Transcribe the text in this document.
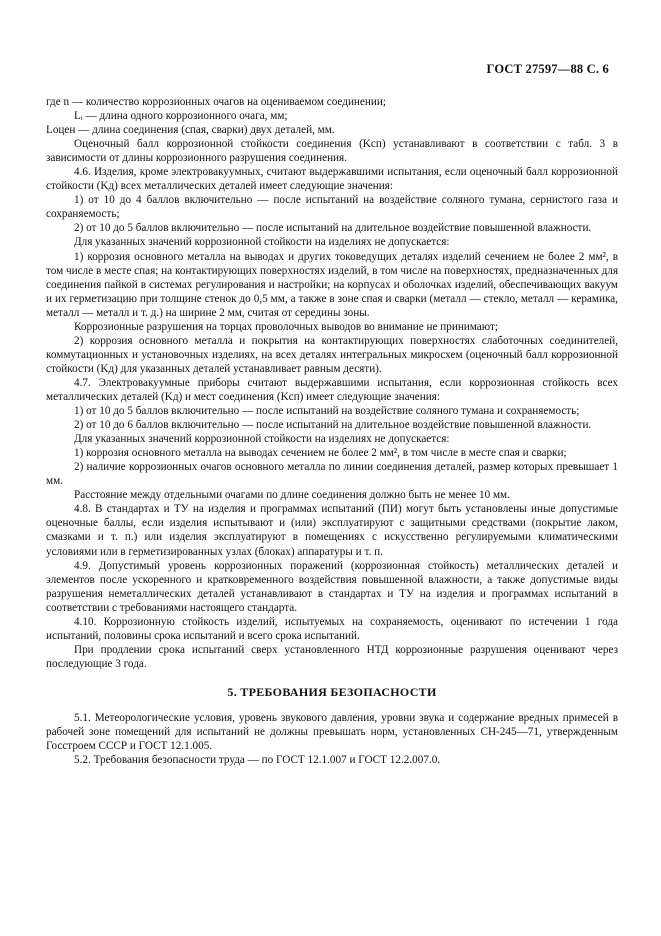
ГОСТ 27597—88 С. 6

где n — количество коррозионных очагов на оцениваемом соединении;

Lᵢ — длина одного коррозионного очага, мм;

Lоцен — длина соединения (спая, сварки) двух деталей, мм.

Оценочный балл коррозионной стойкости соединения (Kсп) устанавливают в соответствии с табл. 3 в зависимости от длины коррозионного разрушения соединения.

4.6. Изделия, кроме электровакуумных, считают выдержавшими испытания, если оценочный балл коррозионной стойкости (Kд) всех металлических деталей имеет следующие значения:

1) от 10 до 4 баллов включительно — после испытаний на воздействие соляного тумана, сернистого газа и сохраняемость;

2) от 10 до 5 баллов включительно — после испытаний на длительное воздействие повышенной влажности.

Для указанных значений коррозионной стойкости на изделиях не допускается:

1) коррозия основного металла на выводах и других токоведущих деталях изделий сечением не более 2 мм², в том числе в месте спая; на контактирующих поверхностях изделий, в том числе на поверхностях, предназначенных для соединения пайкой в системах регулирования и настройки; на корпусах и оболочках изделий, обеспечивающих вакуум и их герметизацию при толщине стенок до 0,5 мм, а также в зоне спая и сварки (металл — стекло, металл — керамика, металл — металл и т. д.) на ширине 2 мм, считая от середины зоны.

Коррозионные разрушения на торцах проволочных выводов во внимание не принимают;

2) коррозия основного металла и покрытия на контактирующих поверхностях слаботочных соединителей, коммутационных и установочных изделиях, на всех деталях интегральных микросхем (оценочный балл коррозионной стойкости (Kд) для указанных деталей устанавливает равным десяти).

4.7. Электровакуумные приборы считают выдержавшими испытания, если коррозионная стойкость всех металлических деталей (Kд) и мест соединения (Kсп) имеет следующие значения:

1) от 10 до 5 баллов включительно — после испытаний на воздействие соляного тумана и сохраняемость;

2) от 10 до 6 баллов включительно — после испытаний на длительное воздействие повышенной влажности.

Для указанных значений коррозионной стойкости на изделиях не допускается:

1) коррозия основного металла на выводах сечением не более 2 мм², в том числе в месте спая и сварки;

2) наличие коррозионных очагов основного металла по линии соединения деталей, размер которых превышает 1 мм.

Расстояние между отдельными очагами по длине соединения должно быть не менее 10 мм.

4.8. В стандартах и ТУ на изделия и программах испытаний (ПИ) могут быть установлены иные допустимые оценочные баллы, если изделия испытывают и (или) эксплуатируют с защитными средствами (покрытие лаком, смазками и т. п.) или изделия эксплуатируют в помещениях с искусственно регулируемыми климатическими условиями или в герметизированных узлах (блоках) аппаратуры и т. п.

4.9. Допустимый уровень коррозионных поражений (коррозионная стойкость) металлических деталей и элементов после ускоренного и кратковременного воздействия повышенной влажности, а также допустимые виды разрушения неметаллических деталей устанавливают в стандартах и ТУ на изделия и программах испытаний в соответствии с требованиями настоящего стандарта.

4.10. Коррозионную стойкость изделий, испытуемых на сохраняемость, оценивают по истечении 1 года испытаний, половины срока испытаний и всего срока испытаний.

При продлении срока испытаний сверх установленного НТД коррозионные разрушения оценивают через последующие 3 года.

5. ТРЕБОВАНИЯ БЕЗОПАСНОСТИ

5.1. Метеорологические условия, уровень звукового давления, уровни звука и содержание вредных примесей в рабочей зоне помещений для испытаний не должны превышать норм, установленных СН-245—71, утвержденным Госстроем СССР и ГОСТ 12.1.005.

5.2. Требования безопасности труда — по ГОСТ 12.1.007 и ГОСТ 12.2.007.0.
